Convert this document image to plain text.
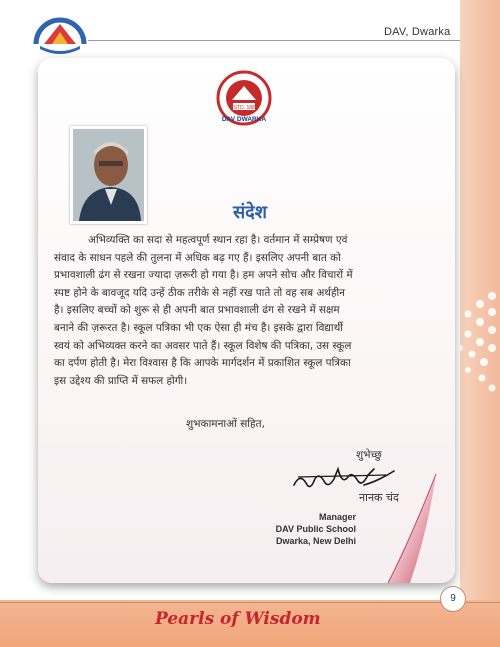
DAV, Dwarka
ESTD. 1886
DAV DWARKA
संदेश
अभिव्यक्ति का सदा से महत्वपूर्ण स्थान रहा है। वर्तमान में सम्प्रेषण एवं
संवाद के साधन पहले की तुलना में अधिक बढ़ गए हैं। इसलिए अपनी बात को
प्रभावशाली ढंग से रखना ज्यादा ज़रूरी हो गया है। हम अपने सोच और विचारों में
स्पष्ट होने के बावजूद यदि उन्हें ठीक तरीके से नहीं रख पाते तो वह सब अर्थहीन
है। इसलिए बच्चों को शुरू से ही अपनी बात प्रभावशाली ढंग से रखने में सक्षम
बनाने की ज़रूरत है। स्कूल पत्रिका भी एक ऐसा ही मंच है। इसके द्वारा विद्यार्थी
स्वयं को अभिव्यक्त करने का अवसर पाते हैं। स्कूल विशेष की पत्रिका, उस स्कूल
का दर्पण होती है। मेरा विश्वास है कि आपके मार्गदर्शन में प्रकाशित स्कूल पत्रिका
इस उद्देश्य की प्राप्ति में सफल होगी।
शुभकामनाओं सहित,
शुभेच्छु
नानक चंद
Manager
DAV Public School
Dwarka, New Delhi
Pearls of Wisdom
9
